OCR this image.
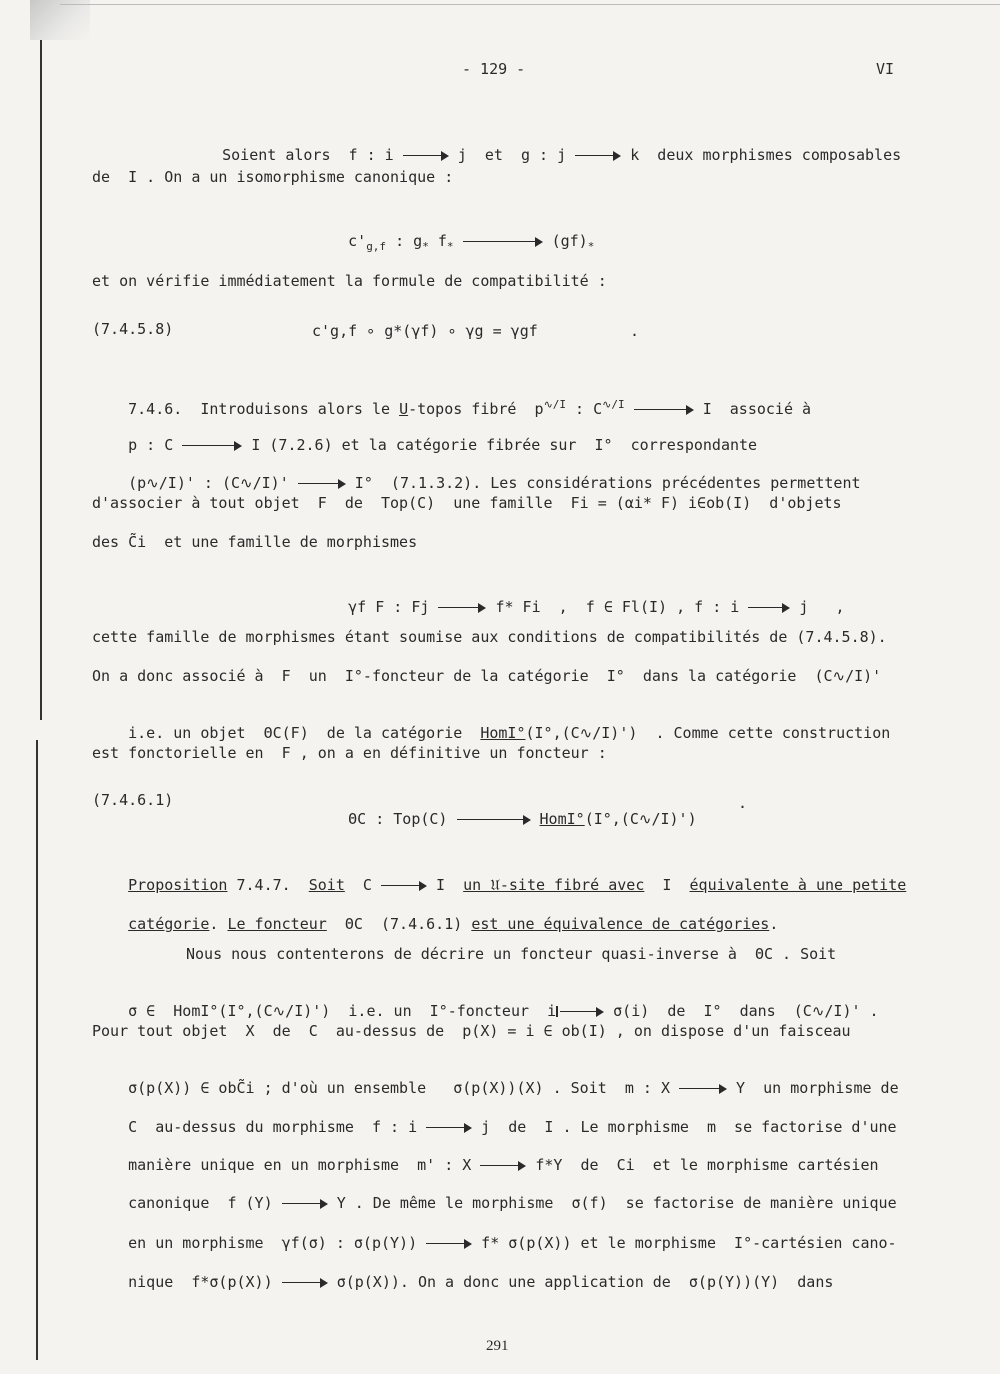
- 129 -	VI

Soient alors  f : i	j  et  g : j	k  deux morphismes composables

de  I . On a un isomorphisme canonique :

$c'_{g,f}$ : $g_*$ $f_*$	$(gf)_*$

et on vérifie immédiatement la formule de compatibilité :
(7.4.5.8)	c'g,f ∘ g*(γf) ∘ γg = γgf	.

7.4.6.  Introduisons alors le U-topos fibré  $p^{∿/I}$ : $C^{∿/I}$	I  associé à

p : C	I (7.2.6) et la catégorie fibrée sur  I°  correspondante

(p∿/I)' : (C∿/I)'	I°  (7.1.3.2). Les considérations précédentes permettent

d'associer à tout objet  F  de  Top(C)  une famille  Fi = (αi* F) i∈ob(I)  d'objets
des C̃i  et une famille de morphismes

γf F : Fj	f* Fi  ,  f ∈ Fl(I) , f : i	j   ,

cette famille de morphismes étant soumise aux conditions de compatibilités de (7.4.5.8).
On a donc associé à  F  un  I°-foncteur de la catégorie  I°  dans la catégorie  (C∿/I)'

i.e. un objet  ΘC(F)  de la catégorie  HomI°(I°,(C∿/I)')  . Comme cette construction

est fonctorielle en  F , on a en définitive un foncteur :
(7.4.6.1)

ΘC : Top(C)	HomI°(I°,(C∿/I)')

.

Proposition 7.4.7.  Soit  C	I  un 𝔘-site fibré avec  I  équivalente à une petite

catégorie. Le foncteur  ΘC  (7.4.6.1) est une équivalence de catégories.

Nous nous contenterons de décrire un foncteur quasi-inverse à  ΘC . Soit

σ ∈  HomI°(I°,(C∿/I)')  i.e. un  I°-foncteur  i	σ(i)  de  I°  dans  (C∿/I)' .

Pour tout objet  X  de  C  au-dessus de  p(X) = i ∈ ob(I) , on dispose d'un faisceau

σ(p(X)) ∈ obC̃i ; d'où un ensemble   σ(p(X))(X) . Soit  m : X	Y  un morphisme de

C  au-dessus du morphisme  f : i	j  de  I . Le morphisme  m  se factorise d'une

manière unique en un morphisme  m' : X	f*Y  de  Ci  et le morphisme cartésien

canonique  f (Y)	Y . De même le morphisme  σ(f)  se factorise de manière unique

en un morphisme  γf(σ) : σ(p(Y))	f* σ(p(X)) et le morphisme  I°-cartésien cano-

nique  f*σ(p(X))	σ(p(X)). On a donc une application de  σ(p(Y))(Y)  dans

291
